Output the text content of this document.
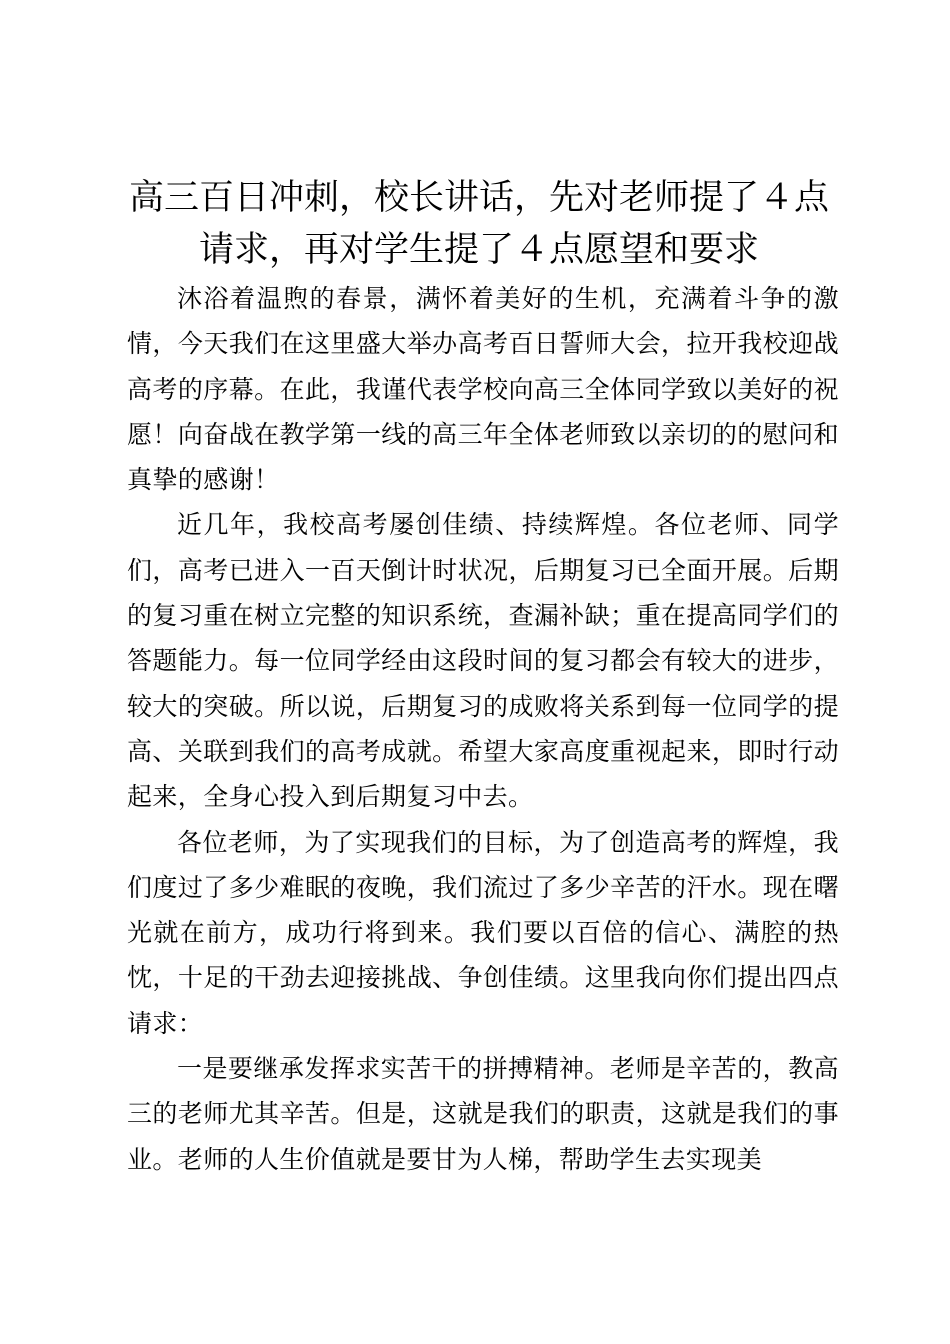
高三百日冲刺，校长讲话，先对老师提了４点请求，再对学生提了４点愿望和要求

沐浴着温煦的春景，满怀着美好的生机，充满着斗争的激情，今天我们在这里盛大举办高考百日誓师大会，拉开我校迎战高考的序幕。在此，我谨代表学校向高三全体同学致以美好的祝愿！向奋战在教学第一线的高三年全体老师致以亲切的的慰问和真挚的感谢！

近几年，我校高考屡创佳绩、持续辉煌。各位老师、同学们，高考已进入一百天倒计时状况，后期复习已全面开展。后期的复习重在树立完整的知识系统，查漏补缺；重在提高同学们的答题能力。每一位同学经由这段时间的复习都会有较大的进步，较大的突破。所以说，后期复习的成败将关系到每一位同学的提高、关联到我们的高考成就。希望大家高度重视起来，即时行动起来，全身心投入到后期复习中去。

各位老师，为了实现我们的目标，为了创造高考的辉煌，我们度过了多少难眠的夜晚，我们流过了多少辛苦的汗水。现在曙光就在前方，成功行将到来。我们要以百倍的信心、满腔的热忱，十足的干劲去迎接挑战、争创佳绩。这里我向你们提出四点请求：

一是要继承发挥求实苦干的拼搏精神。老师是辛苦的，教高三的老师尤其辛苦。但是，这就是我们的职责，这就是我们的事业。老师的人生价值就是要甘为人梯，帮助学生去实现美
